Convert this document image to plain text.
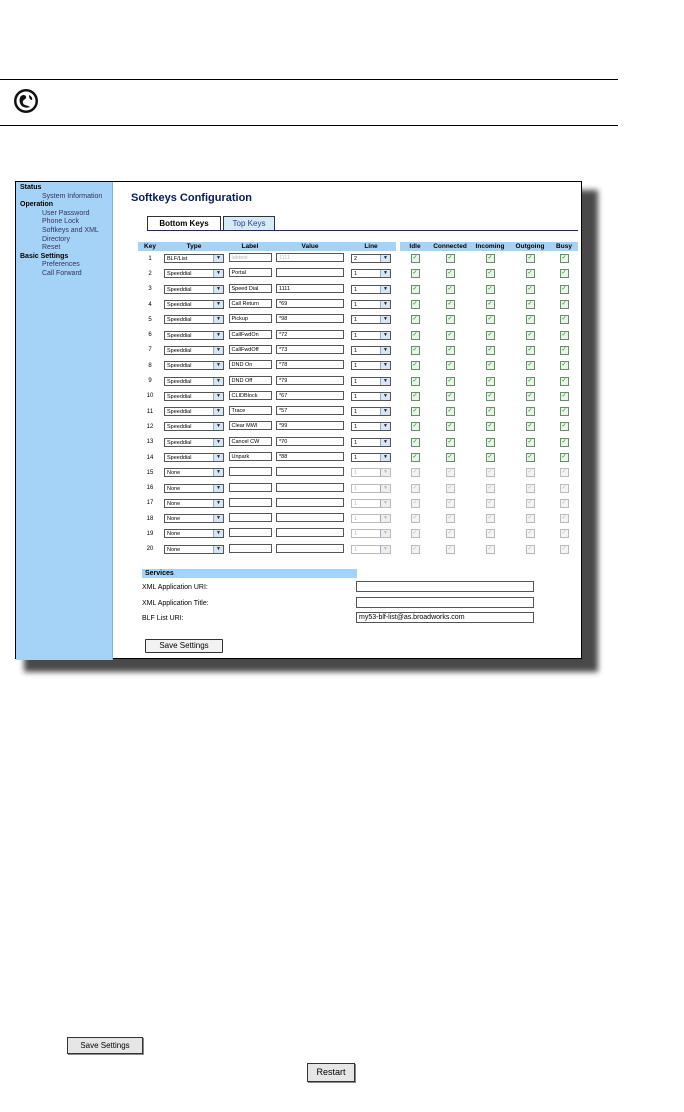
Status
System Information
Operation
User Password
Phone Lock
Softkeys and XML
Directory
Reset
Basic Settings
Preferences
Call Forward
Softkeys Configuration
Bottom Keys	Top Keys
Key	Type	Label	Value	Line	Idle	Connected	Incoming	Outgoing	Busy
1	BLF/List ▼	labtest	1111	2 ▼	✓	✓	✓	✓	✓
2	Speeddial ▼	Portal		1 ▼	✓	✓	✓	✓	✓
3	Speeddial ▼	Speed Dial	1111	1 ▼	✓	✓	✓	✓	✓
4	Speeddial ▼	Call Return	*69	1 ▼	✓	✓	✓	✓	✓
5	Speeddial ▼	Pickup	*98	1 ▼	✓	✓	✓	✓	✓
6	Speeddial ▼	CallFwdOn	*72	1 ▼	✓	✓	✓	✓	✓
7	Speeddial ▼	CallFwdOff	*73	1 ▼	✓	✓	✓	✓	✓
8	Speeddial ▼	DND On	*78	1 ▼	✓	✓	✓	✓	✓
9	Speeddial ▼	DND Off	*79	1 ▼	✓	✓	✓	✓	✓
10	Speeddial ▼	CLIDBlock	*67	1 ▼	✓	✓	✓	✓	✓
11	Speeddial ▼	Trace	*57	1 ▼	✓	✓	✓	✓	✓
12	Speeddial ▼	Clear MWI	*99	1 ▼	✓	✓	✓	✓	✓
13	Speeddial ▼	Cancel CW	*70	1 ▼	✓	✓	✓	✓	✓
14	Speeddial ▼	Unpark	*88	1 ▼	✓	✓	✓	✓	✓
15	None ▼			1 ▼	✓	✓	✓	✓	✓
16	None ▼			1 ▼	✓	✓	✓	✓	✓
17	None ▼			1 ▼	✓	✓	✓	✓	✓
18	None ▼			1 ▼	✓	✓	✓	✓	✓
19	None ▼			1 ▼	✓	✓	✓	✓	✓
20	None ▼			1 ▼	✓	✓	✓	✓	✓
Services
XML Application URI:
XML Application Title:
BLF List URI:	my53-blf-list@as.broadworks.com
Save Settings
Save Settings
Restart
